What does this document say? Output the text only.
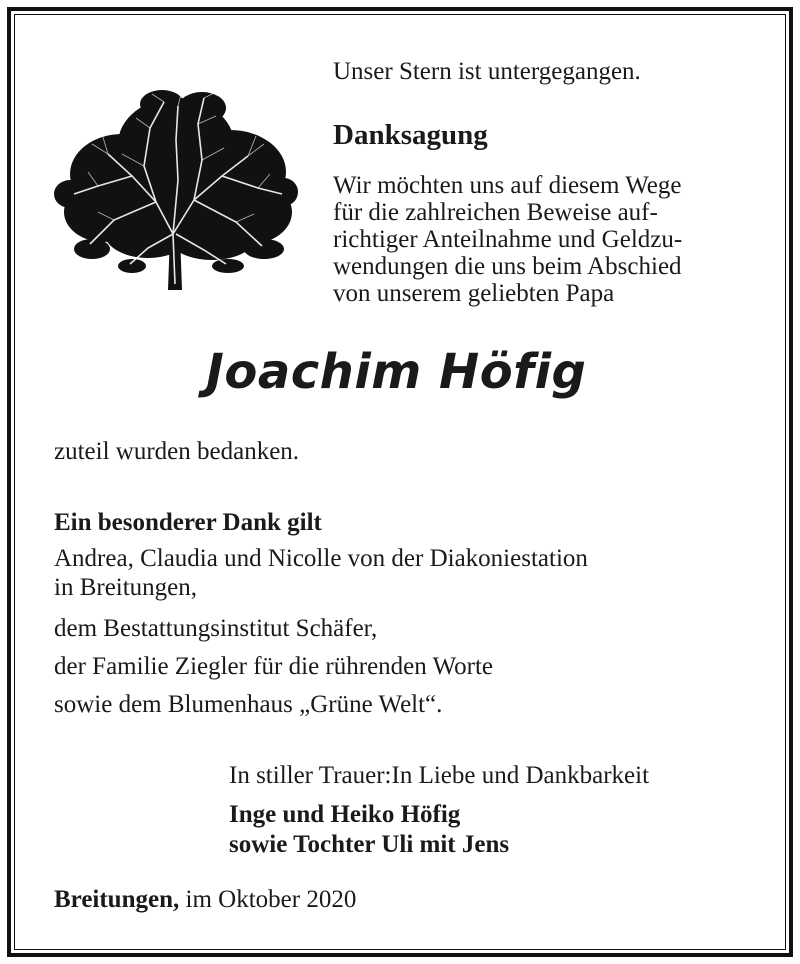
Unser Stern ist untergegangen.

Danksagung

Wir möchten uns auf diesem Wege

für die zahlreichen Beweise auf-

richtiger Anteilnahme und Geldzu-

wendungen die uns beim Abschied

von unserem geliebten Papa

Joachim Höfig

zuteil wurden bedanken.

Ein besonderer Dank gilt

Andrea, Claudia und Nicolle von der Diakoniestation

in Breitungen,

dem Bestattungsinstitut Schäfer,

der Familie Ziegler für die rührenden Worte

sowie dem Blumenhaus „Grüne Welt“.

In stiller Trauer:In Liebe und Dankbarkeit

Inge und Heiko Höfig

sowie Tochter Uli mit Jens

Breitungen, im Oktober 2020
